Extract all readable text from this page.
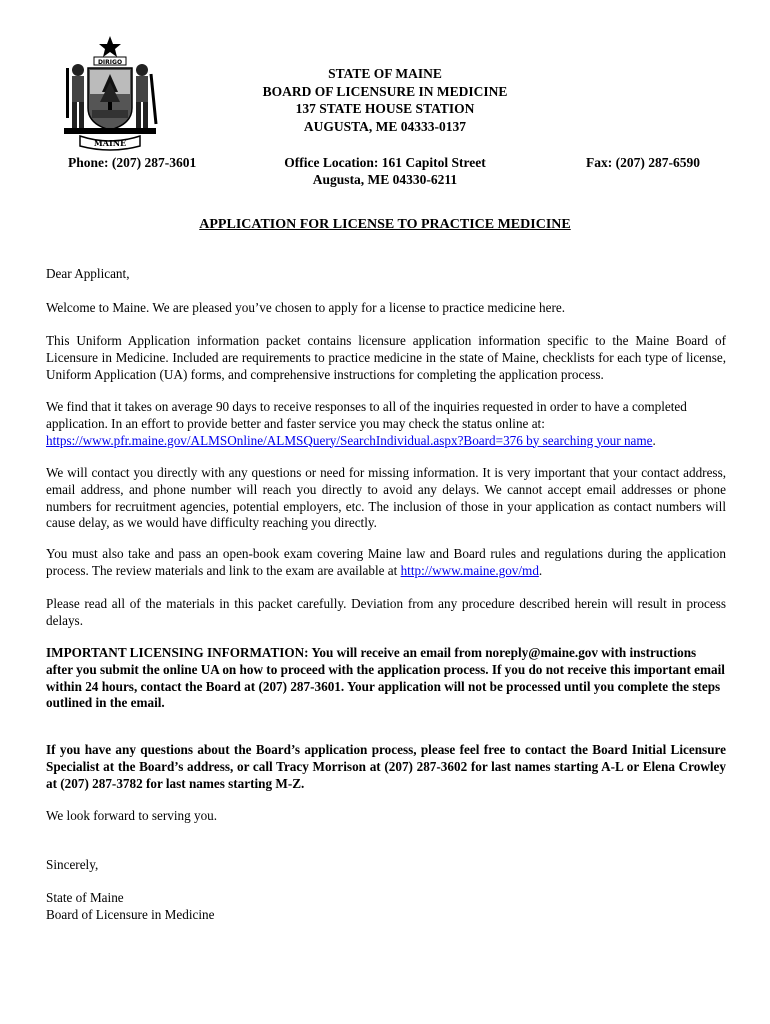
DIRIGO
MAINE
STATE OF MAINE
BOARD OF LICENSURE IN MEDICINE
137 STATE HOUSE STATION
AUGUSTA, ME 04333-0137
Phone: (207) 287-3601	Office Location: 161 Capitol Street
Augusta, ME 04330-6211
Fax: (207) 287-6590
APPLICATION FOR LICENSE TO PRACTICE MEDICINE

Dear Applicant,

Welcome to Maine. We are pleased you’ve chosen to apply for a license to practice medicine here.

This Uniform Application information packet contains licensure application information specific to the Maine Board of Licensure in Medicine. Included are requirements to practice medicine in the state of Maine, checklists for each type of license, Uniform Application (UA) forms, and comprehensive instructions for completing the application process.

We find that it takes on average 90 days to receive responses to all of the inquiries requested in order to have a completed
application. In an effort to provide better and faster service you may check the status online at:
https://www.pfr.maine.gov/ALMSOnline/ALMSQuery/SearchIndividual.aspx?Board=376 by searching your name.

We will contact you directly with any questions or need for missing information. It is very important that your contact address, email address, and phone number will reach you directly to avoid any delays. We cannot accept email addresses or phone numbers for recruitment agencies, potential employers, etc. The inclusion of those in your application as contact numbers will cause delay, as we would have difficulty reaching you directly.

You must also take and pass an open-book exam covering Maine law and Board rules and regulations during the application process. The review materials and link to the exam are available at http://www.maine.gov/md.

Please read all of the materials in this packet carefully. Deviation from any procedure described herein will result in process delays.

IMPORTANT LICENSING INFORMATION: You will receive an email from noreply@maine.gov with instructions after you submit the online UA on how to proceed with the application process. If you do not receive this important email within 24 hours, contact the Board at (207) 287-3601. Your application will not be processed until you complete the steps outlined in the email.

If you have any questions about the Board’s application process, please feel free to contact the Board Initial Licensure Specialist at the Board’s address, or call Tracy Morrison at (207) 287-3602 for last names starting A-L or Elena Crowley at (207) 287-3782 for last names starting M-Z.

We look forward to serving you.

Sincerely,

State of Maine
Board of Licensure in Medicine
